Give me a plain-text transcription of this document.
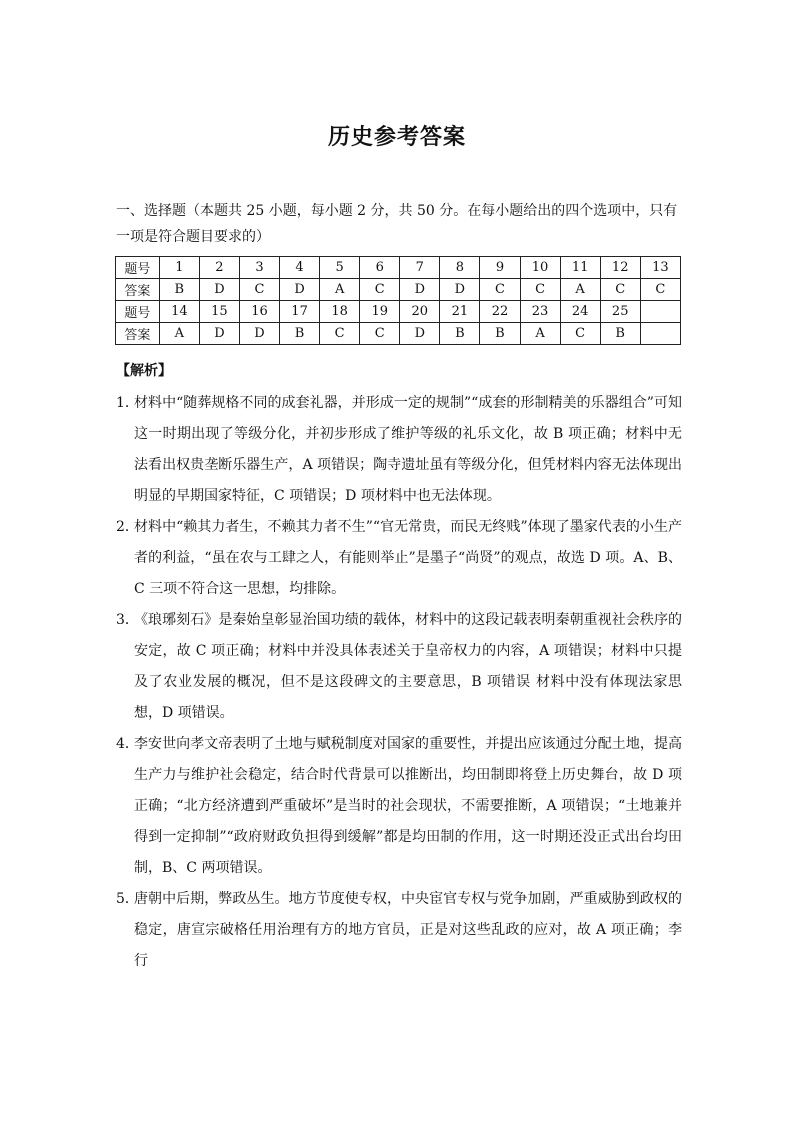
历史参考答案
一、选择题（本题共 25 小题，每小题 2 分，共 50 分。在每小题给出的四个选项中，只有一项是符合题目要求的）
题号	1	2	3	4	5	6	7	8	9	10	11	12	13
答案	B	D	C	D	A	C	D	D	C	C	A	C	C
题号	14	15	16	17	18	19	20	21	22	23	24	25	
答案	A	D	D	B	C	C	D	B	B	A	C	B	
【解析】
1．
材料中“随葬规格不同的成套礼器，并形成一定的规制”“成套的形制精美的乐器组合”可知这一时期出现了等级分化，并初步形成了维护等级的礼乐文化，故 B 项正确；材料中无法看出权贵垄断乐器生产，A 项错误；陶寺遗址虽有等级分化，但凭材料内容无法体现出明显的早期国家特征，C 项错误；D 项材料中也无法体现。
2．
材料中“赖其力者生，不赖其力者不生”“官无常贵，而民无终贱”体现了墨家代表的小生产者的利益，“虽在农与工肆之人，有能则举止”是墨子“尚贤”的观点，故选 D 项。A、B、C 三项不符合这一思想，均排除。
3．
《琅琊刻石》是秦始皇彰显治国功绩的载体，材料中的这段记载表明秦朝重视社会秩序的安定，故 C 项正确；材料中并没具体表述关于皇帝权力的内容，A 项错误；材料中只提及了农业发展的概况，但不是这段碑文的主要意思，B 项错误 材料中没有体现法家思想，D 项错误。
4．
李安世向孝文帝表明了土地与赋税制度对国家的重要性，并提出应该通过分配土地，提高生产力与维护社会稳定，结合时代背景可以推断出，均田制即将登上历史舞台，故 D 项正确；“北方经济遭到严重破坏”是当时的社会现状，不需要推断，A 项错误；“土地兼并得到一定抑制”“政府财政负担得到缓解”都是均田制的作用，这一时期还没正式出台均田制，B、C 两项错误。
5．
唐朝中后期，弊政丛生。地方节度使专权，中央宦官专权与党争加剧，严重威胁到政权的稳定，唐宣宗破格任用治理有方的地方官员，正是对这些乱政的应对，故 A 项正确；李行
